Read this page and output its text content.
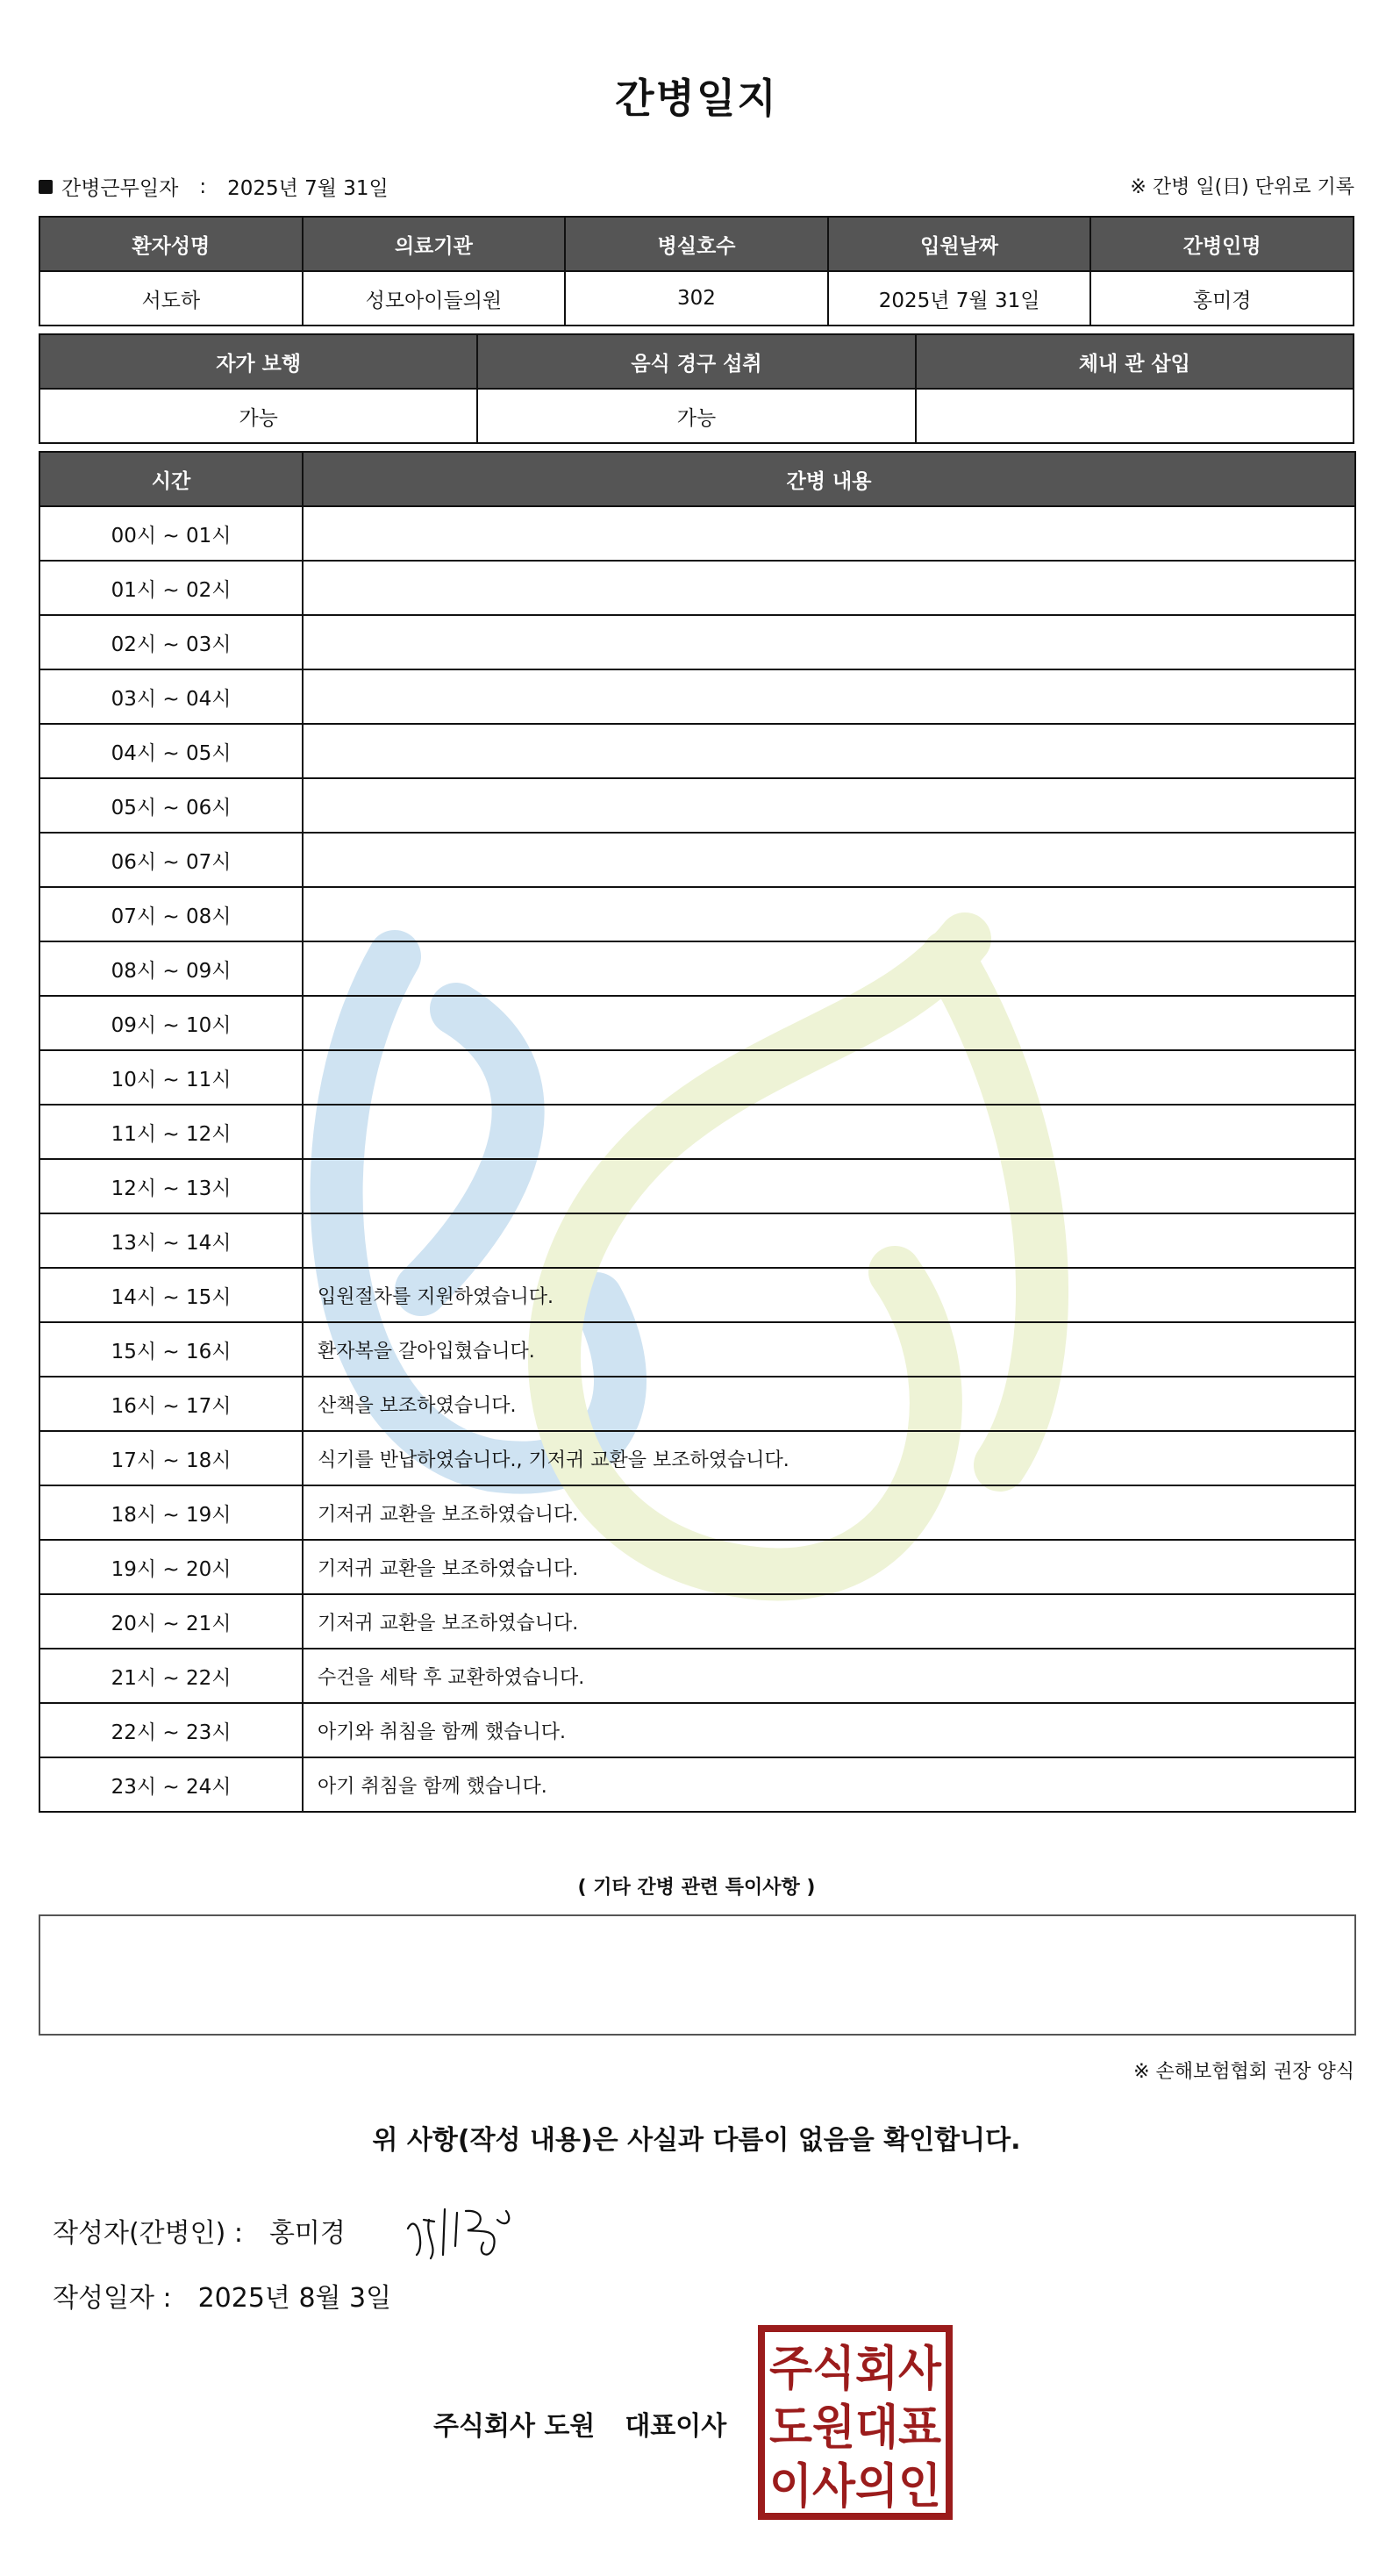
간병일지
간병근무일자 : 2025년 7월 31일	※ 간병 일(日) 단위로 기록
환자성명	의료기관	병실호수	입원날짜	간병인명
서도하	성모아이들의원	302	2025년 7월 31일	홍미경
자가 보행	음식 경구 섭취	체내 관 삽입
가능	가능	
시간	간병 내용
00시 ~ 01시	
01시 ~ 02시	
02시 ~ 03시	
03시 ~ 04시	
04시 ~ 05시	
05시 ~ 06시	
06시 ~ 07시	
07시 ~ 08시	
08시 ~ 09시	
09시 ~ 10시	
10시 ~ 11시	
11시 ~ 12시	
12시 ~ 13시	
13시 ~ 14시	
14시 ~ 15시	입원절차를 지원하였습니다.
15시 ~ 16시	환자복을 갈아입혔습니다.
16시 ~ 17시	산책을 보조하였습니다.
17시 ~ 18시	식기를 반납하였습니다., 기저귀 교환을 보조하였습니다.
18시 ~ 19시	기저귀 교환을 보조하였습니다.
19시 ~ 20시	기저귀 교환을 보조하였습니다.
20시 ~ 21시	기저귀 교환을 보조하였습니다.
21시 ~ 22시	수건을 세탁 후 교환하였습니다.
22시 ~ 23시	아기와 취침을 함께 했습니다.
23시 ~ 24시	아기 취침을 함께 했습니다.
( 기타 간병 관련 특이사항 )
※ 손해보험협회 권장 양식
위 사항(작성 내용)은 사실과 다름이 없음을 확인합니다.
작성자(간병인) : 홍미경
작성일자 : 2025년 8월 3일
주식회사 도원 대표이사
주식회사
도원대표
이사의인
